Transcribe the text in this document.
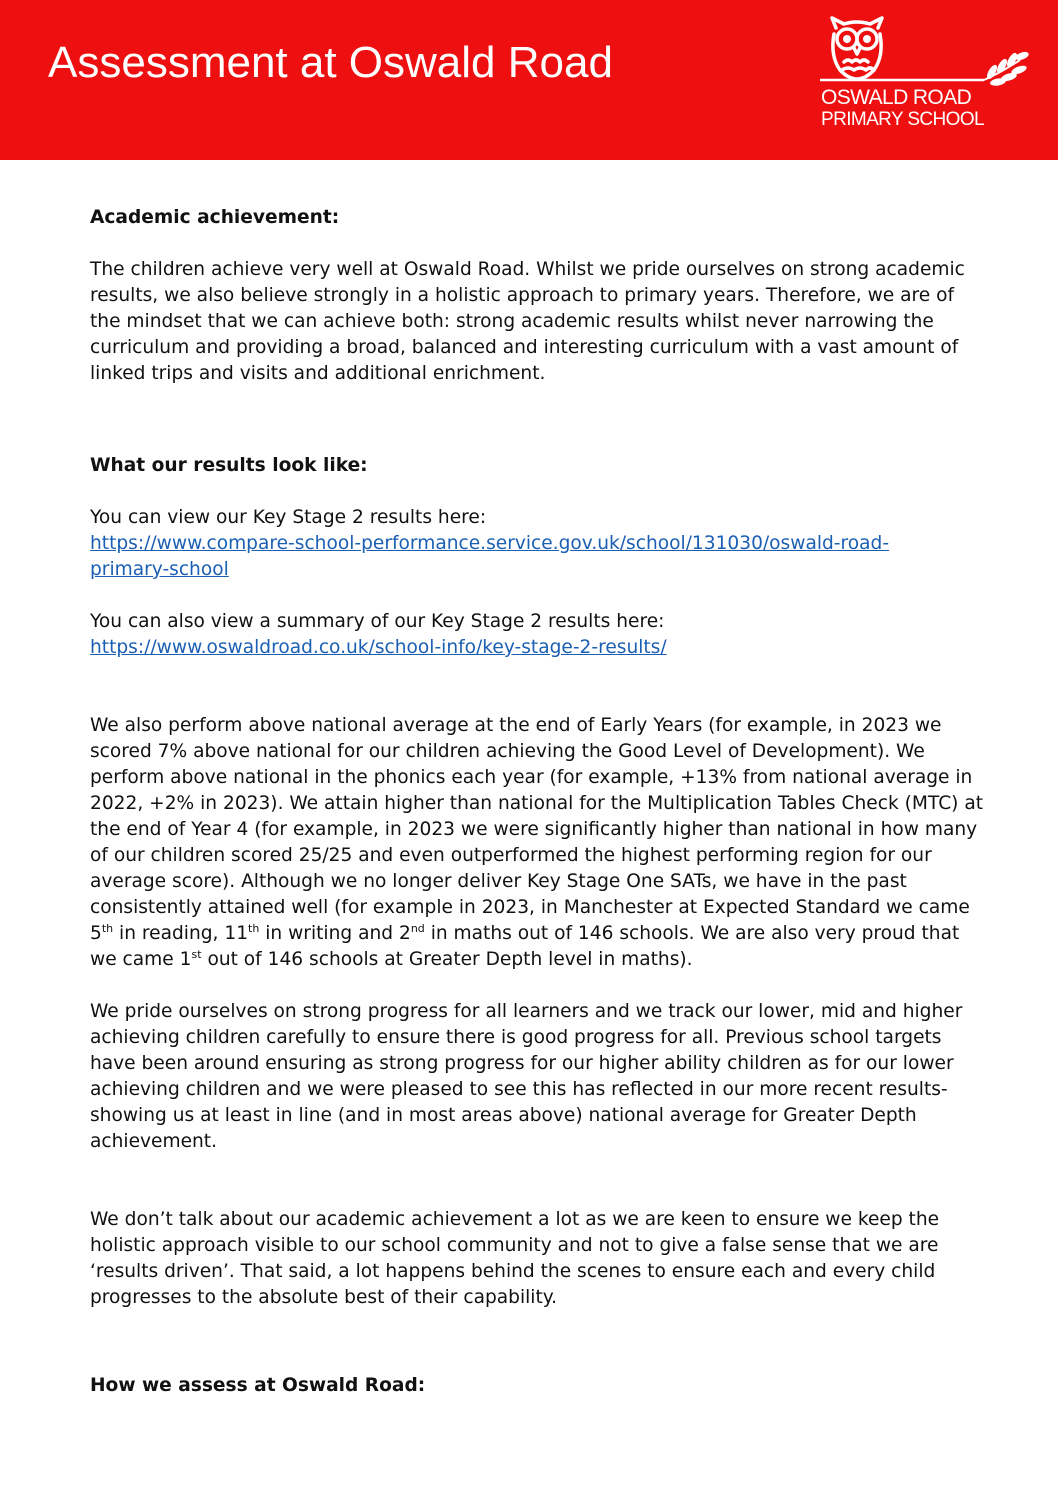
Assessment at Oswald Road
OSWALD ROAD
PRIMARY SCHOOL

Academic achievement:

The children achieve very well at Oswald Road. Whilst we pride ourselves on strong academic results, we also believe strongly in a holistic approach to primary years. Therefore, we are of the mindset that we can achieve both: strong academic results whilst never narrowing the curriculum and providing a broad, balanced and interesting curriculum with a vast amount of linked trips and visits and additional enrichment.

What our results look like:

You can view our Key Stage 2 results here:

https://www.compare-school-performance.service.gov.uk/school/131030/oswald-road-
primary-school

You can also view a summary of our Key Stage 2 results here:

https://www.oswaldroad.co.uk/school-info/key-stage-2-results/

We also perform above national average at the end of Early Years (for example, in 2023 we scored 7% above national for our children achieving the Good Level of Development). We perform above national in the phonics each year (for example, +13% from national average in 2022, +2% in 2023). We attain higher than national for the Multiplication Tables Check (MTC) at the end of Year 4 (for example, in 2023 we were significantly higher than national in how many of our children scored 25/25 and even outperformed the highest performing region for our average score). Although we no longer deliver Key Stage One SATs, we have in the past consistently attained well (for example in 2023, in Manchester at Expected Standard we came 5th in reading, 11th in writing and 2nd in maths out of 146 schools. We are also very proud that we came 1st out of 146 schools at Greater Depth level in maths).

We pride ourselves on strong progress for all learners and we track our lower, mid and higher achieving children carefully to ensure there is good progress for all. Previous school targets have been around ensuring as strong progress for our higher ability children as for our lower achieving children and we were pleased to see this has reflected in our more recent results- showing us at least in line (and in most areas above) national average for Greater Depth achievement.

We don’t talk about our academic achievement a lot as we are keen to ensure we keep the holistic approach visible to our school community and not to give a false sense that we are ‘results driven’. That said, a lot happens behind the scenes to ensure each and every child progresses to the absolute best of their capability.

How we assess at Oswald Road:
